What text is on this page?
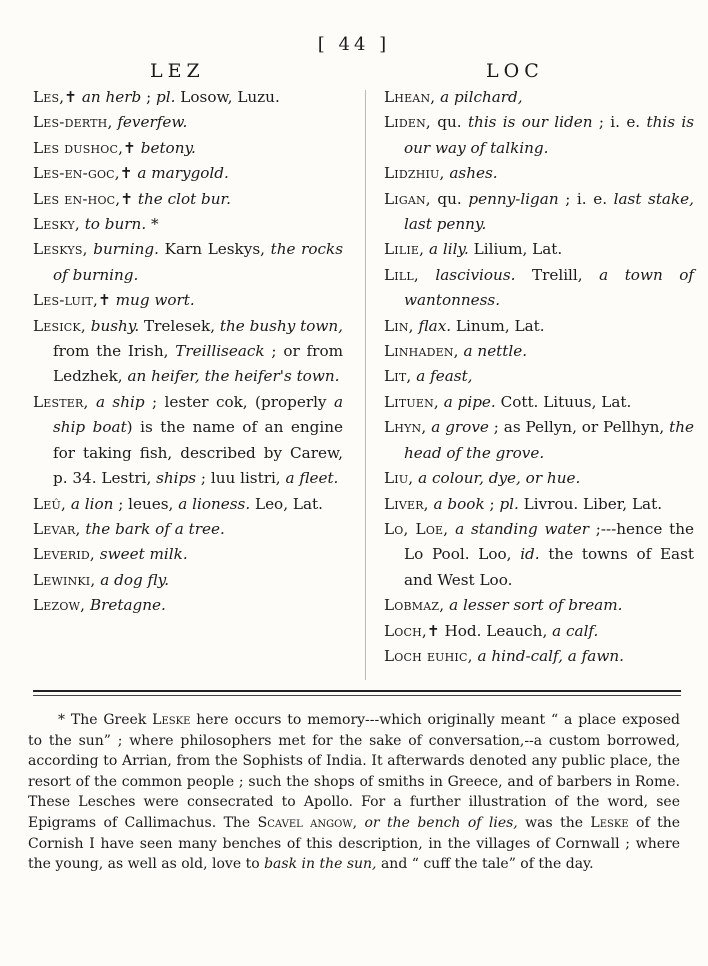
[ 44 ]
LEZ	LOC
Les,✝ an herb ; pl. Losow, Luzu.
Les-derth, feverfew.
Les dushoc,✝ betony.
Les-en-goc,✝ a marygold.
Les en-hoc,✝ the clot bur.
Lesky, to burn. *
Leskys, burning. Karn Leskys, the rocks of burning.
Les-luit,✝ mug wort.
Lesick, bushy. Trelesek, the bushy town, from the Irish, Treilliseack ; or from Ledzhek, an heifer, the heifer's town.
Lester, a ship ; lester cok, (properly a ship boat) is the name of an engine for taking fish, described by Carew, p. 34. Lestri, ships ; luu listri, a fleet.
Leû, a lion ; leues, a lioness. Leo, Lat.
Levar, the bark of a tree.
Leverid, sweet milk.
Lewinki, a dog fly.
Lezow, Bretagne.
Lhean, a pilchard,
Liden, qu. this is our liden ; i. e. this is our way of talking.
Lidzhiu, ashes.
Ligan, qu. penny-ligan ; i. e. last stake, last penny.
Lilie, a lily. Lilium, Lat.
Lill, lascivious. Trelill, a town of wantonness.
Lin, flax. Linum, Lat.
Linhaden, a nettle.
Lit, a feast,
Lituen, a pipe. Cott. Lituus, Lat.
Lhyn, a grove ; as Pellyn, or Pellhyn, the head of the grove.
Liu, a colour, dye, or hue.
Liver, a book ; pl. Livrou. Liber, Lat.
Lo, Loe, a standing water ;---hence the Lo Pool. Loo, id. the towns of East and West Loo.
Lobmaz, a lesser sort of bream.
Loch,✝ Hod. Leauch, a calf.
Loch euhic, a hind-calf, a fawn.
* The Greek Leske here occurs to memory---which originally meant “ a place exposed to the sun” ; where philosophers met for the sake of conversation,--a custom borrowed, according to Arrian, from the Sophists of India. It afterwards denoted any public place, the resort of the common people ; such the shops of smiths in Greece, and of barbers in Rome. These Lesches were consecrated to Apollo. For a further illustration of the word, see Epigrams of Callimachus. The Scavel angow, or the bench of lies, was the Leske of the Cornish I have seen many benches of this description, in the villages of Cornwall ; where the young, as well as old, love to bask in the sun, and “ cuff the tale” of the day.
